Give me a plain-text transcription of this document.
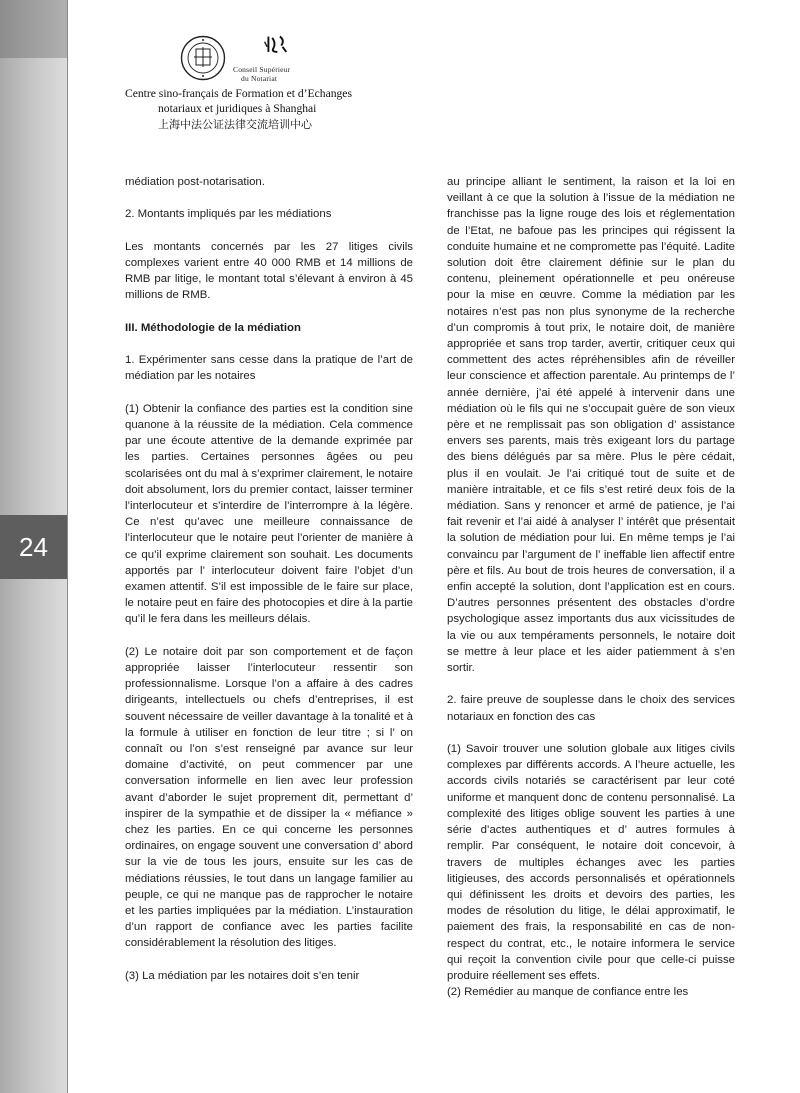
24
Conseil Supérieur
du Notariat
Centre sino-français de Formation et d’Echanges
notariaux et juridiques à Shanghai
上海中法公证法律交流培训中心

médiation post-notarisation.

2. Montants impliqués par les médiations

Les montants concernés par les 27 litiges civils complexes varient entre 40 000 RMB et 14 millions de RMB par litige, le montant total s’élevant à environ à 45 millions de RMB.

III. Méthodologie de la médiation

1. Expérimenter sans cesse dans la pratique de l’art de médiation par les notaires

(1) Obtenir la confiance des parties est la condition sine quanone à la réussite de la médiation. Cela commence par une écoute attentive de la demande exprimée par les parties. Certaines personnes âgées ou peu scolarisées ont du mal à s’exprimer clairement, le notaire doit absolument, lors du premier contact, laisser terminer l’interlocuteur et s’interdire de l’interrompre à la légère. Ce n’est qu’avec une meilleure connaissance de l’interlocuteur que le notaire peut l’orienter de manière à ce qu’il exprime clairement son souhait. Les documents apportés par l’ interlocuteur doivent faire l’objet d’un examen attentif. S’il est impossible de le faire sur place, le notaire peut en faire des photocopies et dire à la partie qu’il le fera dans les meilleurs délais.

(2) Le notaire doit par son comportement et de façon appropriée laisser l’interlocuteur ressentir son professionnalisme. Lorsque l’on a affaire à des cadres dirigeants, intellectuels ou chefs d’entreprises, il est souvent nécessaire de veiller davantage à la tonalité et à la formule à utiliser en fonction de leur titre ; si l’ on connaît ou l’on s’est renseigné par avance sur leur domaine d’activité, on peut commencer par une conversation informelle en lien avec leur profession avant d’aborder le sujet proprement dit, permettant d’ inspirer de la sympathie et de dissiper la « méfiance » chez les parties. En ce qui concerne les personnes ordinaires, on engage souvent une conversation d’ abord sur la vie de tous les jours, ensuite sur les cas de médiations réussies, le tout dans un langage familier au peuple, ce qui ne manque pas de rapprocher le notaire et les parties impliquées par la médiation. L’instauration d’un rapport de confiance avec les parties facilite considérablement la résolution des litiges.

(3) La médiation par les notaires doit s’en tenir

au principe alliant le sentiment, la raison et la loi en veillant à ce que la solution à l’issue de la médiation ne franchisse pas la ligne rouge des lois et réglementation de l’Etat, ne bafoue pas les principes qui régissent la conduite humaine et ne compromette pas l’équité. Ladite solution doit être clairement définie sur le plan du contenu, pleinement opérationnelle et peu onéreuse pour la mise en œuvre. Comme la médiation par les notaires n’est pas non plus synonyme de la recherche d’un compromis à tout prix, le notaire doit, de manière appropriée et sans trop tarder, avertir, critiquer ceux qui commettent des actes répréhensibles afin de réveiller leur conscience et affection parentale. Au printemps de l’ année dernière, j’ai été appelé à intervenir dans une médiation où le fils qui ne s’occupait guère de son vieux père et ne remplissait pas son obligation d’ assistance envers ses parents, mais très exigeant lors du partage des biens délégués par sa mère. Plus le père cédait, plus il en voulait. Je l’ai critiqué tout de suite et de manière intraitable, et ce fils s’est retiré deux fois de la médiation. Sans y renoncer et armé de patience, je l’ai fait revenir et l’ai aidé à analyser l’ intérêt que présentait la solution de médiation pour lui. En même temps je l’ai convaincu par l’argument de l’ ineffable lien affectif entre père et fils. Au bout de trois heures de conversation, il a enfin accepté la solution, dont l’application est en cours. D’autres personnes présentent des obstacles d’ordre psychologique assez importants dus aux vicissitudes de la vie ou aux tempéraments personnels, le notaire doit se mettre à leur place et les aider patiemment à s’en sortir.

2. faire preuve de souplesse dans le choix des services notariaux en fonction des cas

(1) Savoir trouver une solution globale aux litiges civils complexes par différents accords. A l’heure actuelle, les accords civils notariés se caractérisent par leur coté uniforme et manquent donc de contenu personnalisé. La complexité des litiges oblige souvent les parties à une série d’actes authentiques et d’ autres formules à remplir. Par conséquent, le notaire doit concevoir, à travers de multiples échanges avec les parties litigieuses, des accords personnalisés et opérationnels qui définissent les droits et devoirs des parties, les modes de résolution du litige, le délai approximatif, le paiement des frais, la responsabilité en cas de non-respect du contrat, etc., le notaire informera le service qui reçoit la convention civile pour que celle-ci puisse produire réellement ses effets.

(2) Remédier au manque de confiance entre les
